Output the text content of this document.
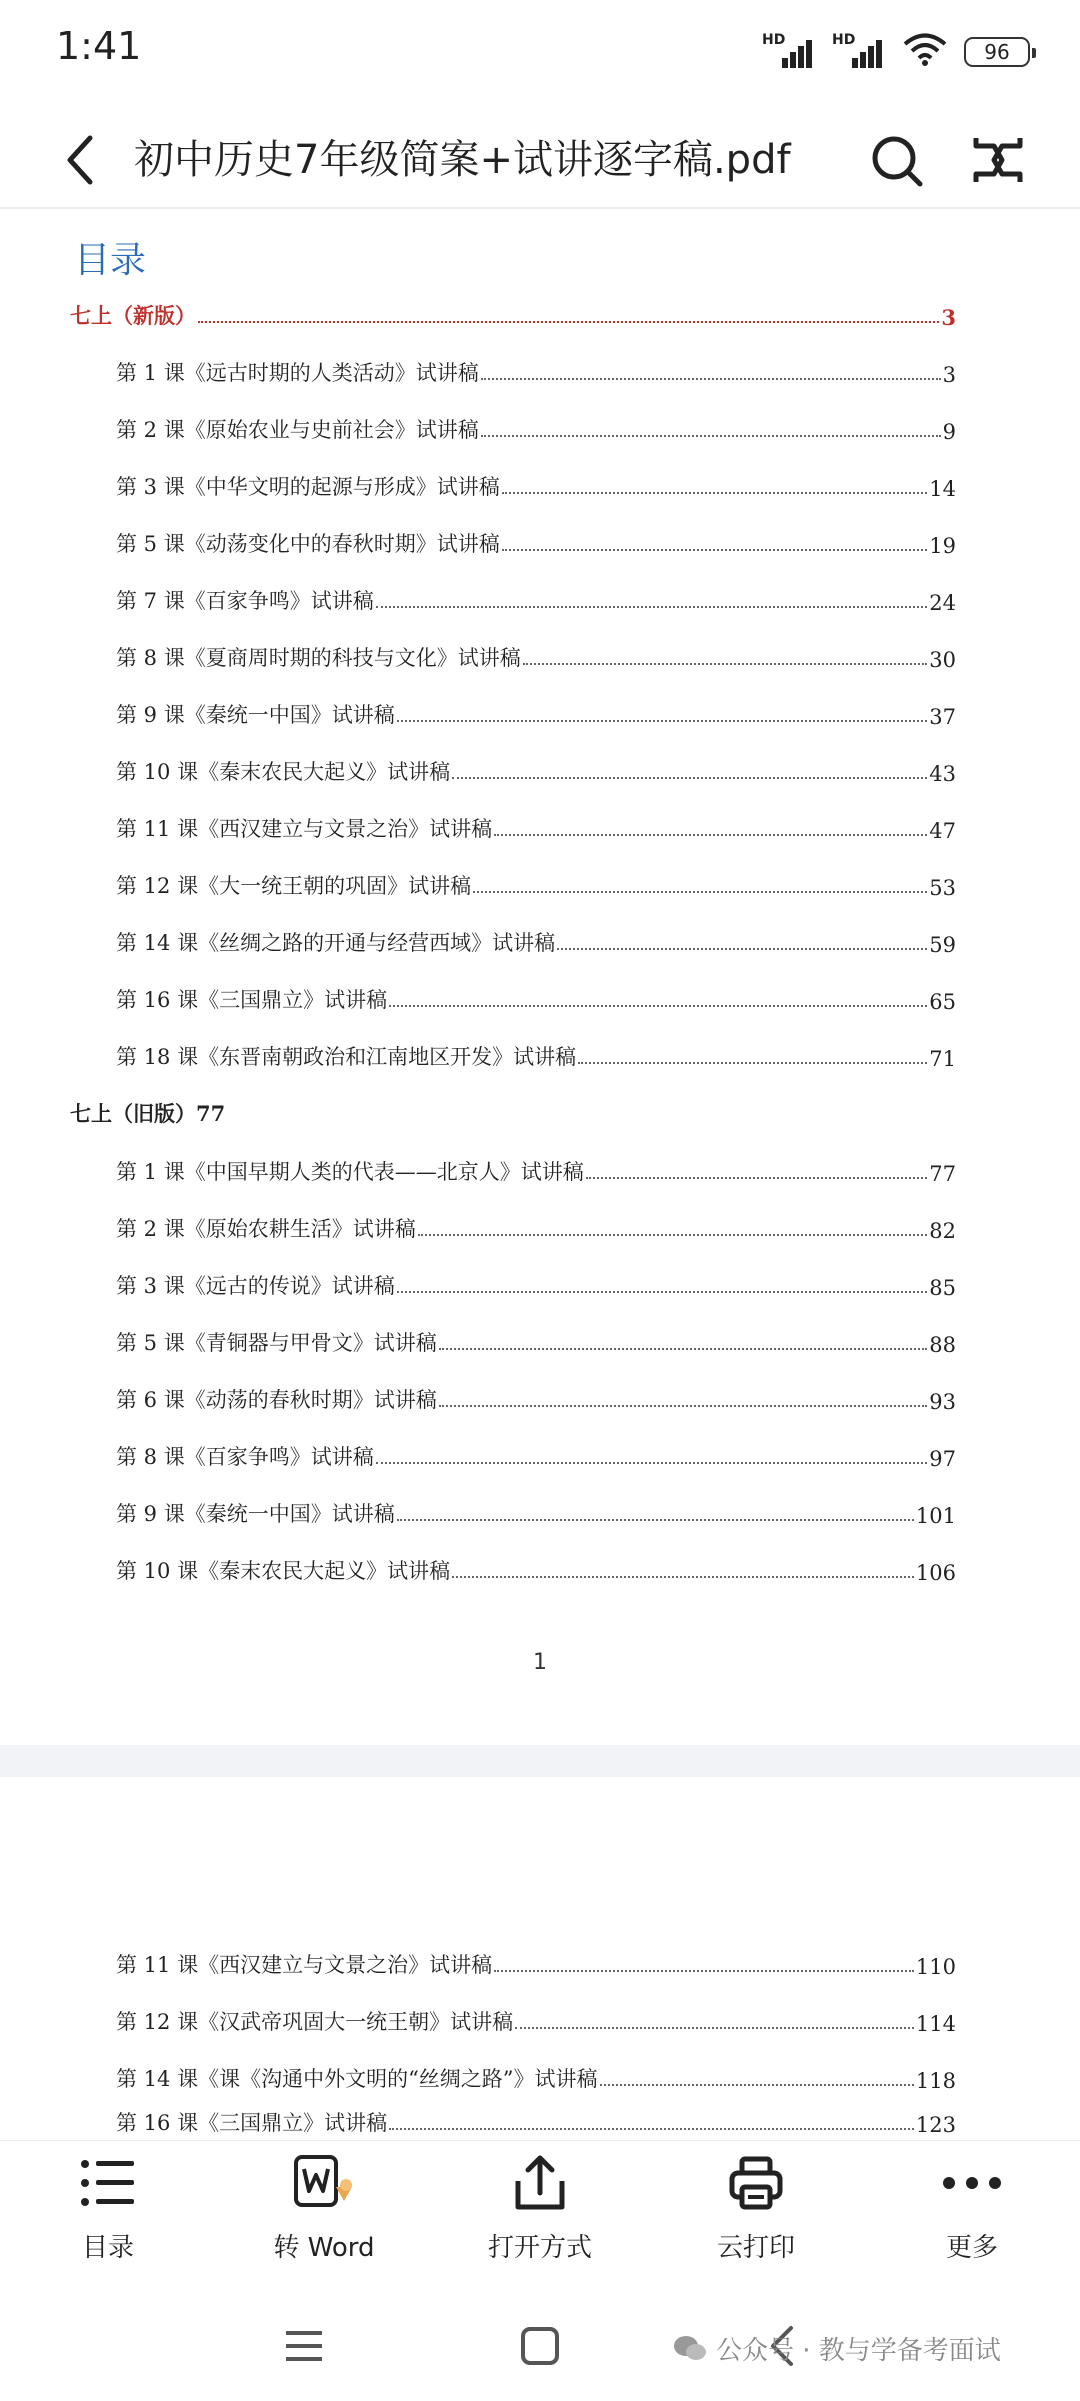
1:41	HD	HD	96
初中历史7年级简案+试讲逐字稿.pdf
目录
七上（新版）	3
第 1 课《远古时期的人类活动》试讲稿	3
第 2 课《原始农业与史前社会》试讲稿	9
第 3 课《中华文明的起源与形成》试讲稿	14
第 5 课《动荡变化中的春秋时期》试讲稿	19
第 7 课《百家争鸣》试讲稿	24
第 8 课《夏商周时期的科技与文化》试讲稿	30
第 9 课《秦统一中国》试讲稿	37
第 10 课《秦末农民大起义》试讲稿	43
第 11 课《西汉建立与文景之治》试讲稿	47
第 12 课《大一统王朝的巩固》试讲稿	53
第 14 课《丝绸之路的开通与经营西域》试讲稿	59
第 16 课《三国鼎立》试讲稿	65
第 18 课《东晋南朝政治和江南地区开发》试讲稿	71
七上（旧版）77
第 1 课《中国早期人类的代表——北京人》试讲稿	77
第 2 课《原始农耕生活》试讲稿	82
第 3 课《远古的传说》试讲稿	85
第 5 课《青铜器与甲骨文》试讲稿	88
第 6 课《动荡的春秋时期》试讲稿	93
第 8 课《百家争鸣》试讲稿	97
第 9 课《秦统一中国》试讲稿	101
第 10 课《秦末农民大起义》试讲稿	106
1
第 11 课《西汉建立与文景之治》试讲稿	110
第 12 课《汉武帝巩固大一统王朝》试讲稿	114
第 14 课《课《沟通中外文明的“丝绸之路”》试讲稿	118
第 16 课《三国鼎立》试讲稿	123
目录	转 Word	打开方式	云打印	更多
公众号 · 教与学备考面试
